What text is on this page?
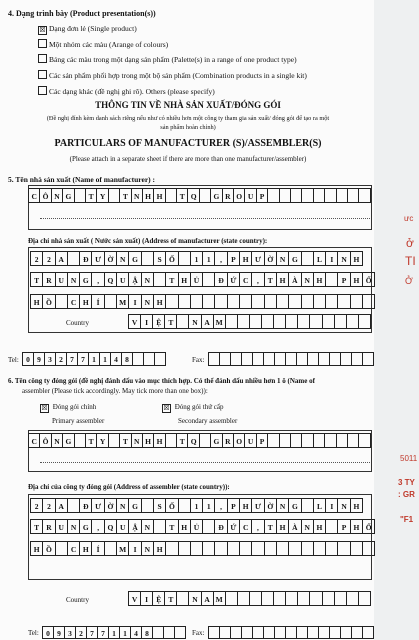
ưc
ở
TI
Ở
5011
3 TY
: GR
"F1
4. Dạng trình bày (Product presentation(s))
☒ Dạng đơn lẻ (Single product)
Một nhóm các màu (Arange of colours)
Bảng các màu trong một dạng sản phẩm (Palette(s) in a range of one product type)
Các sản phẩm phối hợp trong một bộ sản phẩm (Combination products in a single kit)
Các dạng khác (đề nghị ghi rõ). Others (please specify)
THÔNG TIN VỀ NHÀ SẢN XUẤT/ĐÓNG GÓI
(Đề nghị đính kèm danh sách riêng nếu như có nhiều hơn một công ty tham gia sản xuất/ đóng gói để tạo ra một
sản phẩm hoàn chỉnh)
PARTICULARS OF MANUFACTURER (S)/ASSEMBLER(S)
(Please attach in a separate sheet if there are more than one manufacturer/assembler)
5. Tên nhà sản xuất (Name of manufacturer) :
C Ô N G	T Y	T N H H	T Q	G R O U P
Địa chỉ nhà sản xuất ( Nước sản xuất) (Address of manufacturer (state country):
2	2	A	Đ Ư Ờ N G	S Ố	1	1	,	P H Ư Ờ N G	L	I	N H
T R U N G	,	Q U Ậ N	T H Ủ	Đ Ứ C	,	T H À N H	P H Ố
H Ồ	C H	Í	M I	N H
Country	V	I	Ệ T	N A M
Tel: 0 9 3 2 7 7 1 1 4 8	Fax:
6. Tên công ty đóng gói (đề nghị đánh dấu vào mục thích hợp. Có thể đánh dấu nhiều hơn 1 ô (Name of
assembler (Please tick accordingly. May tick more than one box)):
☒ Đóng gói chính
Primary assembler
☒ Đóng gói thứ cấp
Secondary assembler
C Ô N G	T Y	T N H H	T Q	G R O U P
Địa chỉ của công ty đóng gói (Address of assembler (state country)):
2	2	A	Đ Ư Ờ N G	S Ố	1	1	,	P H Ư Ờ N G	L	I	N H
T R U N G	,	Q U Ậ N	T H Ủ	Đ Ứ C	,	T H À N H	P H Ố
H Ồ	C H	Í	M I	N H
Country	V	I	Ệ T	N A M
Tel: 0 9 3 2 7 7 1 1 4 8	Fax:
